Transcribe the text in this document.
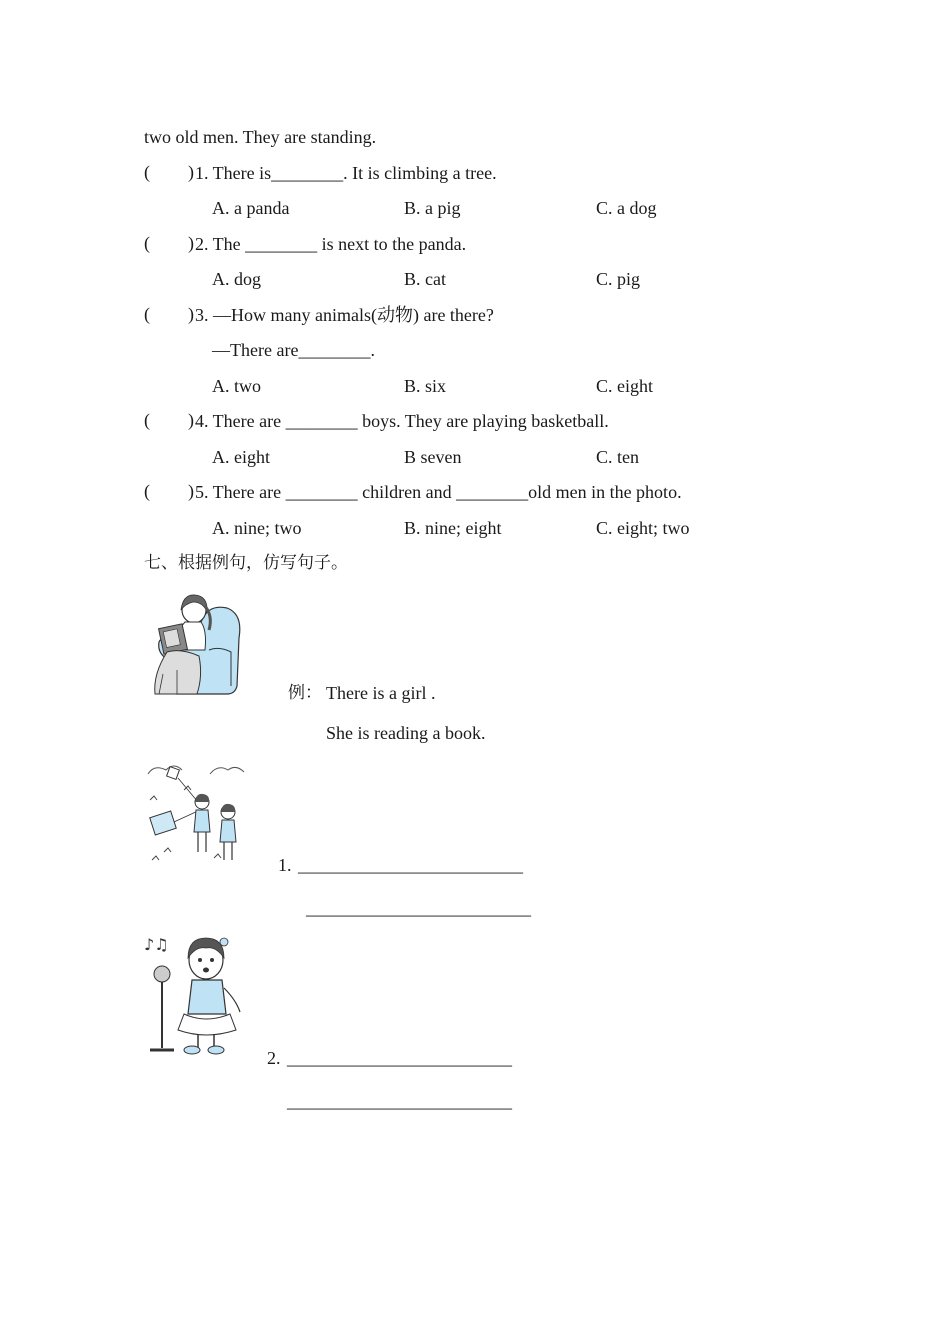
two old men. They are standing.
( ) 1. There is________. It is climbing a tree.
A. a panda	B. a pig	C. a dog
( ) 2. The ________ is next to the panda.
A. dog	B. cat	C. pig
( ) 3. —How many animals(动物) are there?
—There are________.
A. two	B. six	C. eight
( ) 4. There are ________ boys. They are playing basketball.
A. eight	B seven	C. ten
( ) 5. There are ________ children and ________old men in the photo.
A. nine; two	B. nine; eight	C. eight; two
七、根据例句，仿写句子。
例： There is a girl .
She is reading a book.
1. _________________________
_________________________
♪♫
2. _________________________
_________________________
